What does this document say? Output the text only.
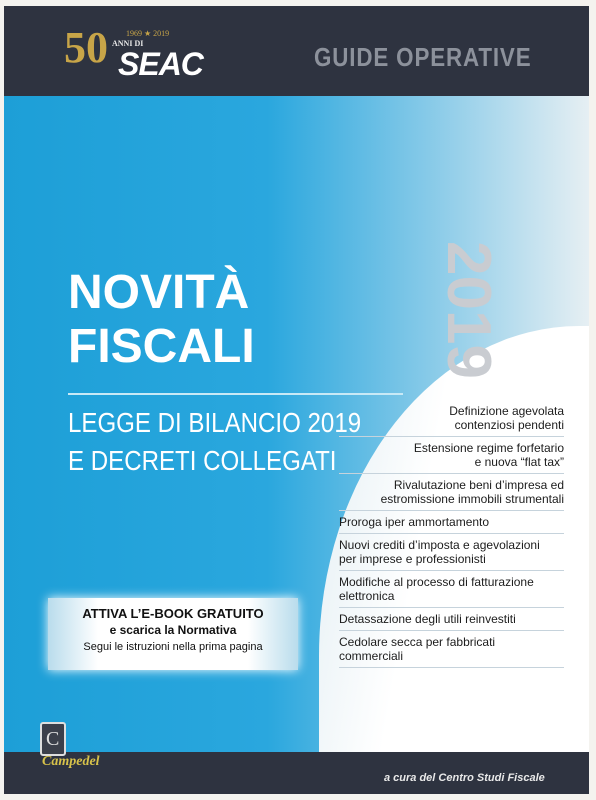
50 1969 ★ 2019
ANNI DI
SEAC	GUIDE OPERATIVE
2019
NOVITÀ
FISCALI
LEGGE DI BILANCIO 2019
E DECRETI COLLEGATI
Definizione agevolata
contenziosi pendenti
Estensione regime forfetario
e nuova “flat tax”
Rivalutazione beni d’impresa ed
estromissione immobili strumentali
Proroga iper ammortamento
Nuovi crediti d’imposta e agevolazioni
per imprese e professionisti
Modifiche al processo di fatturazione
elettronica
Detassazione degli utili reinvestiti
Cedolare secca per fabbricati
commerciali
ATTIVA L’E-BOOK GRATUITO
e scarica la Normativa
Segui le istruzioni nella prima pagina
C
Campedel
a cura del Centro Studi Fiscale
